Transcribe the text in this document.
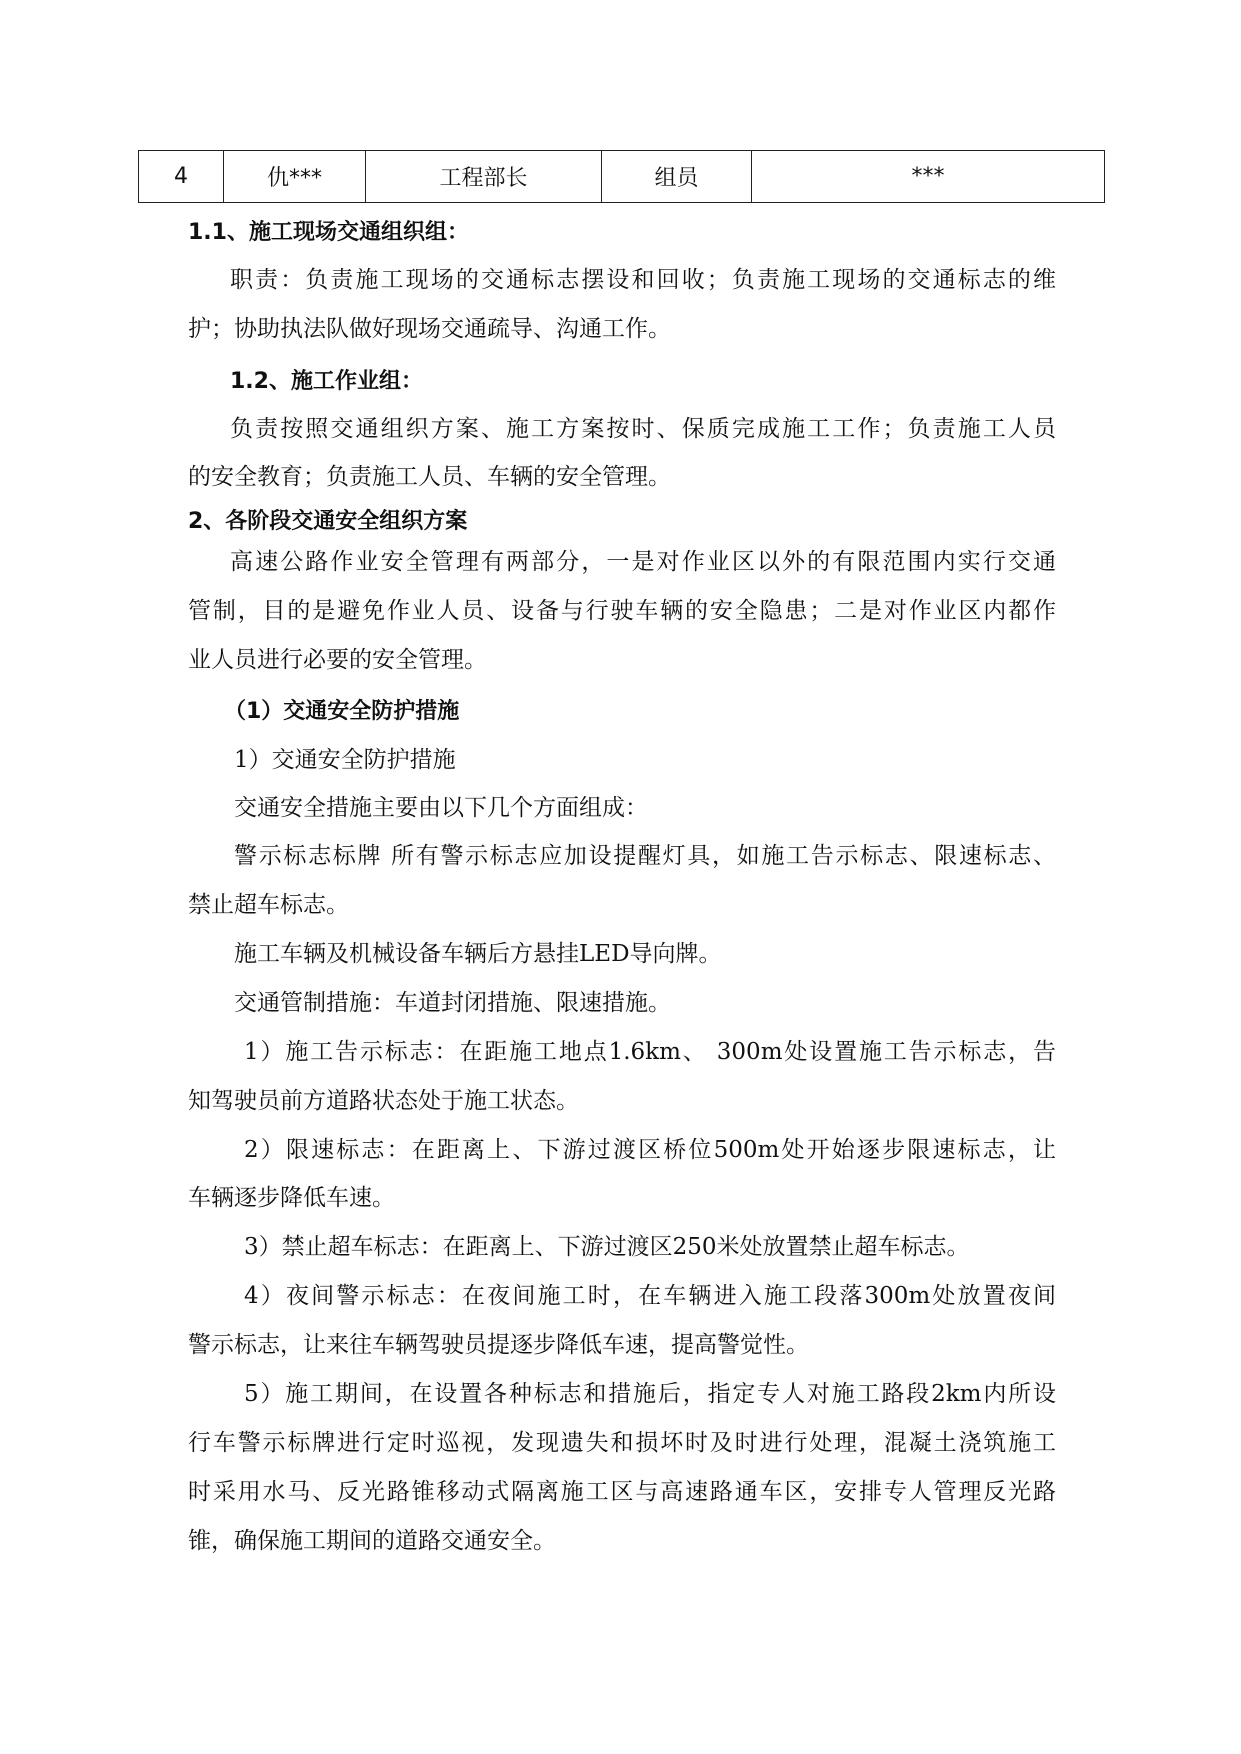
4	仇***	工程部长	组员	***
1.1、施工现场交通组织组：
职责：负责施工现场的交通标志摆设和回收；负责施工现场的交通标志的维
护；协助执法队做好现场交通疏导、沟通工作。
1.2、施工作业组：
负责按照交通组织方案、施工方案按时、保质完成施工工作；负责施工人员
的安全教育；负责施工人员、车辆的安全管理。
2、各阶段交通安全组织方案
高速公路作业安全管理有两部分，一是对作业区以外的有限范围内实行交通
管制，目的是避免作业人员、设备与行驶车辆的安全隐患；二是对作业区内都作
业人员进行必要的安全管理。
（1）交通安全防护措施
1）交通安全防护措施
交通安全措施主要由以下几个方面组成：
警示标志标牌 所有警示标志应加设提醒灯具，如施工告示标志、限速标志、
禁止超车标志。
施工车辆及机械设备车辆后方悬挂LED导向牌。
交通管制措施：车道封闭措施、限速措施。
1）施工告示标志：在距施工地点1.6km、 300m处设置施工告示标志，告
知驾驶员前方道路状态处于施工状态。
2）限速标志：在距离上、下游过渡区桥位500m处开始逐步限速标志，让
车辆逐步降低车速。
3）禁止超车标志：在距离上、下游过渡区250米处放置禁止超车标志。
4）夜间警示标志：在夜间施工时，在车辆进入施工段落300m处放置夜间
警示标志，让来往车辆驾驶员提逐步降低车速，提高警觉性。
5）施工期间，在设置各种标志和措施后，指定专人对施工路段2km内所设
行车警示标牌进行定时巡视，发现遗失和损坏时及时进行处理，混凝土浇筑施工
时采用水马、反光路锥移动式隔离施工区与高速路通车区，安排专人管理反光路
锥，确保施工期间的道路交通安全。
